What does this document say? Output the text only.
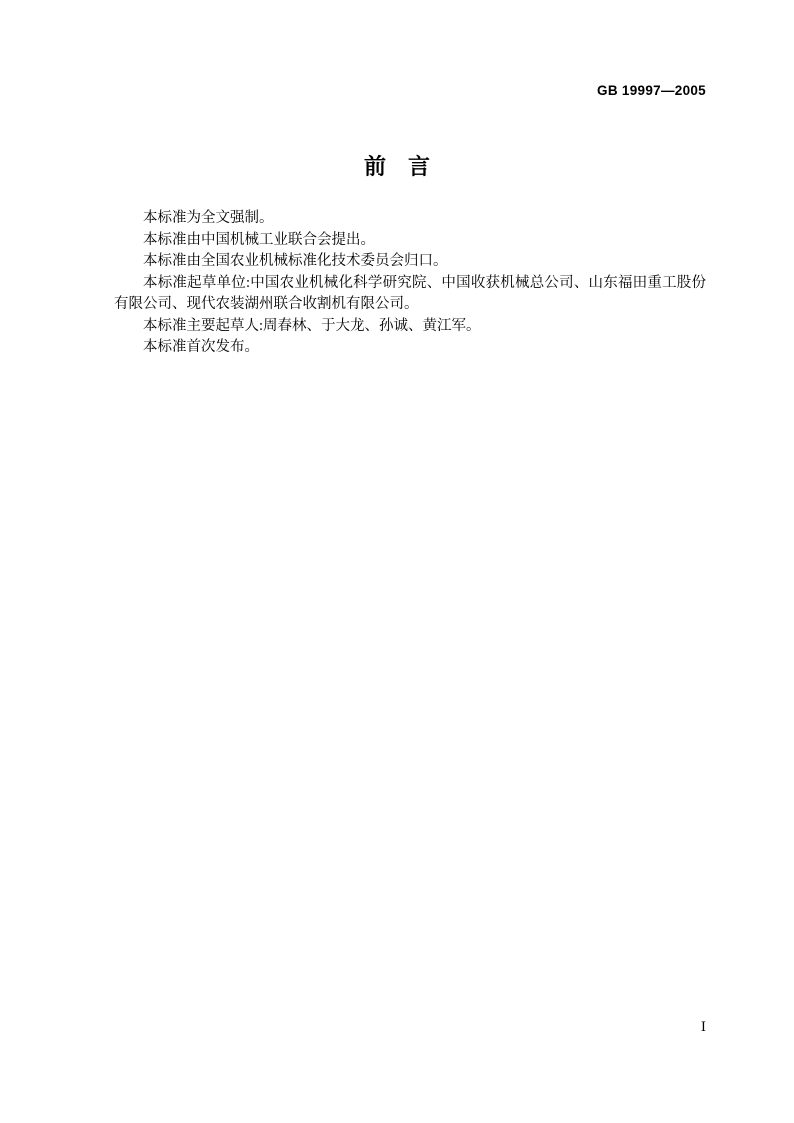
GB 19997—2005
前言

本标准为全文强制。

本标准由中国机械工业联合会提出。

本标准由全国农业机械标准化技术委员会归口。

本标准起草单位:中国农业机械化科学研究院、中国收获机械总公司、山东福田重工股份有限公司、现代农装湖州联合收割机有限公司。

本标准主要起草人:周春林、于大龙、孙诚、黄江军。

本标准首次发布。

Ⅰ
